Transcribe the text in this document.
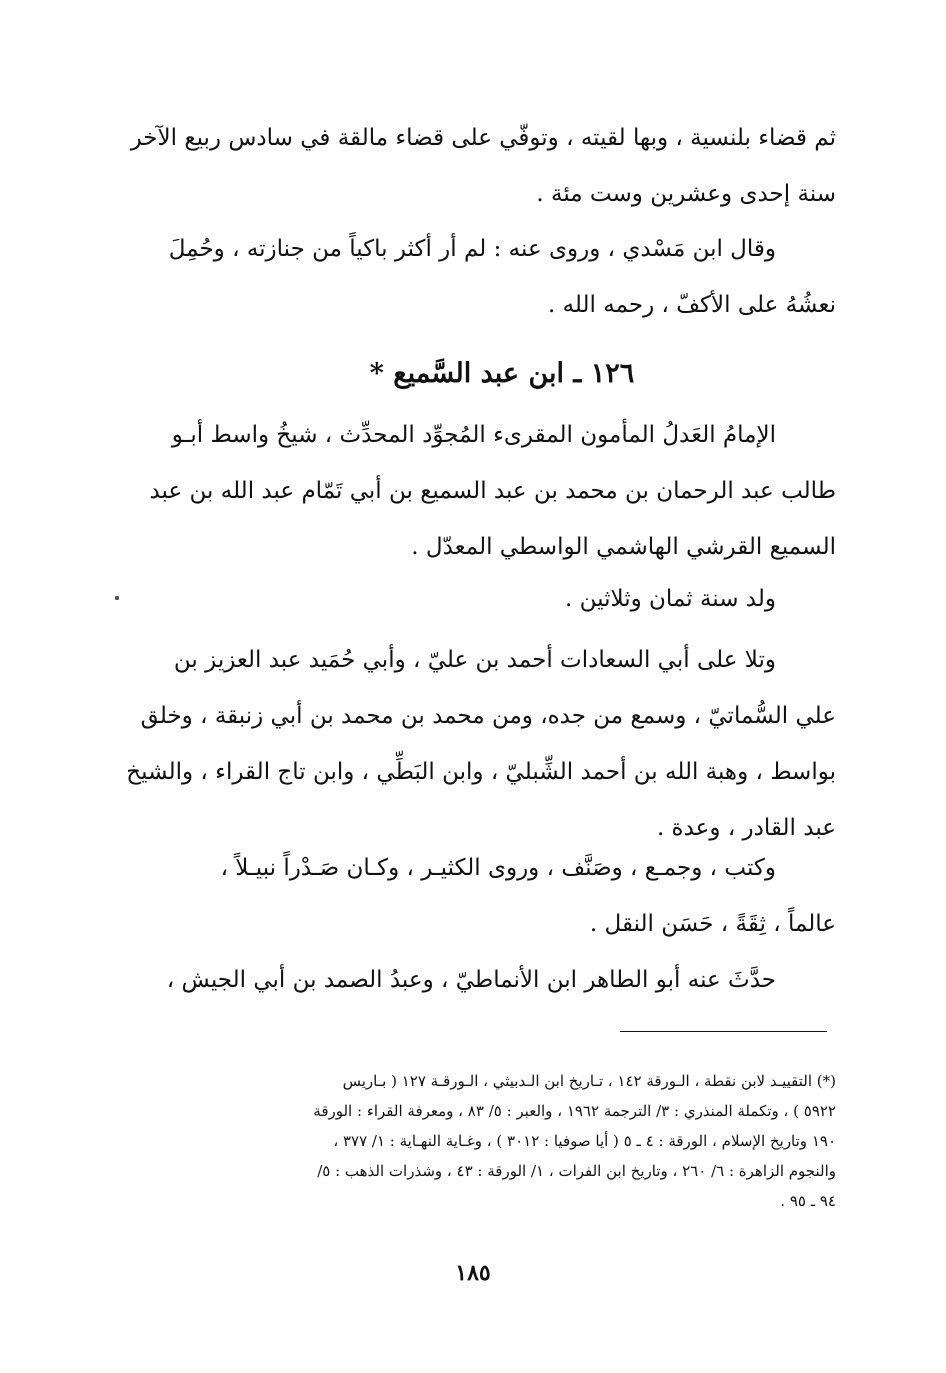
ثم قضاء بلنسية ، وبها لقيته ، وتوفّي على قضاء مالقة في سادس ربيع الآخر
سنة إحدى وعشرين وست مئة .
وقال ابن مَسْدي ، وروى عنه : لم أر أكثر باكياً من جنازته ، وحُمِلَ
نعشُهُ على الأكفّ ، رحمه الله .
١٢٦ ـ ابن عبد السَّميع *
الإمامُ العَدلُ المأمون المقرىء المُجوِّد المحدِّث ، شيخُ واسط أبـو
طالب عبد الرحمان بن محمد بن عبد السميع بن أبي تَمّام عبد الله بن عبد
السميع القرشي الهاشمي الواسطي المعدّل .
ولد سنة ثمان وثلاثين .
وتلا على أبي السعادات أحمد بن عليّ ، وأبي حُمَيد عبد العزيز بن
علي السُّماتيّ ، وسمع من جده، ومن محمد بن محمد بن أبي زنبقة ، وخلق
بواسط ، وهبة الله بن أحمد الشِّبليّ ، وابن البَطِّي ، وابن تاج القراء ، والشيخ
عبد القادر ، وعدة .
وكتب ، وجمـع ، وصَنَّف ، وروى الكثيـر ، وكـان صَـدْراً نبيـلاً ،
عالماً ، ثِقَةً ، حَسَن النقل .
حدَّثَ عنه أبو الطاهر ابن الأنماطيّ ، وعبدُ الصمد بن أبي الجيش ،
(*) التقييـد لابن نقطة ، الـورقة ١٤٢ ، تـاريخ ابن الـدبيثي ، الـورقـة ١٢٧ ( بـاريس
٥٩٢٢ ) ، وتكملة المنذري : ٣/ الترجمة ١٩٦٢ ، والعبر : ٥/ ٨٣ ، ومعرفة القراء : الورقة
١٩٠ وتاريخ الإسلام ، الورقة : ٤ ـ ٥ ( أيا صوفيا : ٣٠١٢ ) ، وغـاية النهـاية : ١/ ٣٧٧ ،
والنجوم الزاهرة : ٦/ ٢٦٠ ، وتاريخ ابن الفرات ، ١/ الورقة : ٤٣ ، وشذرات الذهب : ٥/
٩٤ ـ ٩٥ .
١٨٥
